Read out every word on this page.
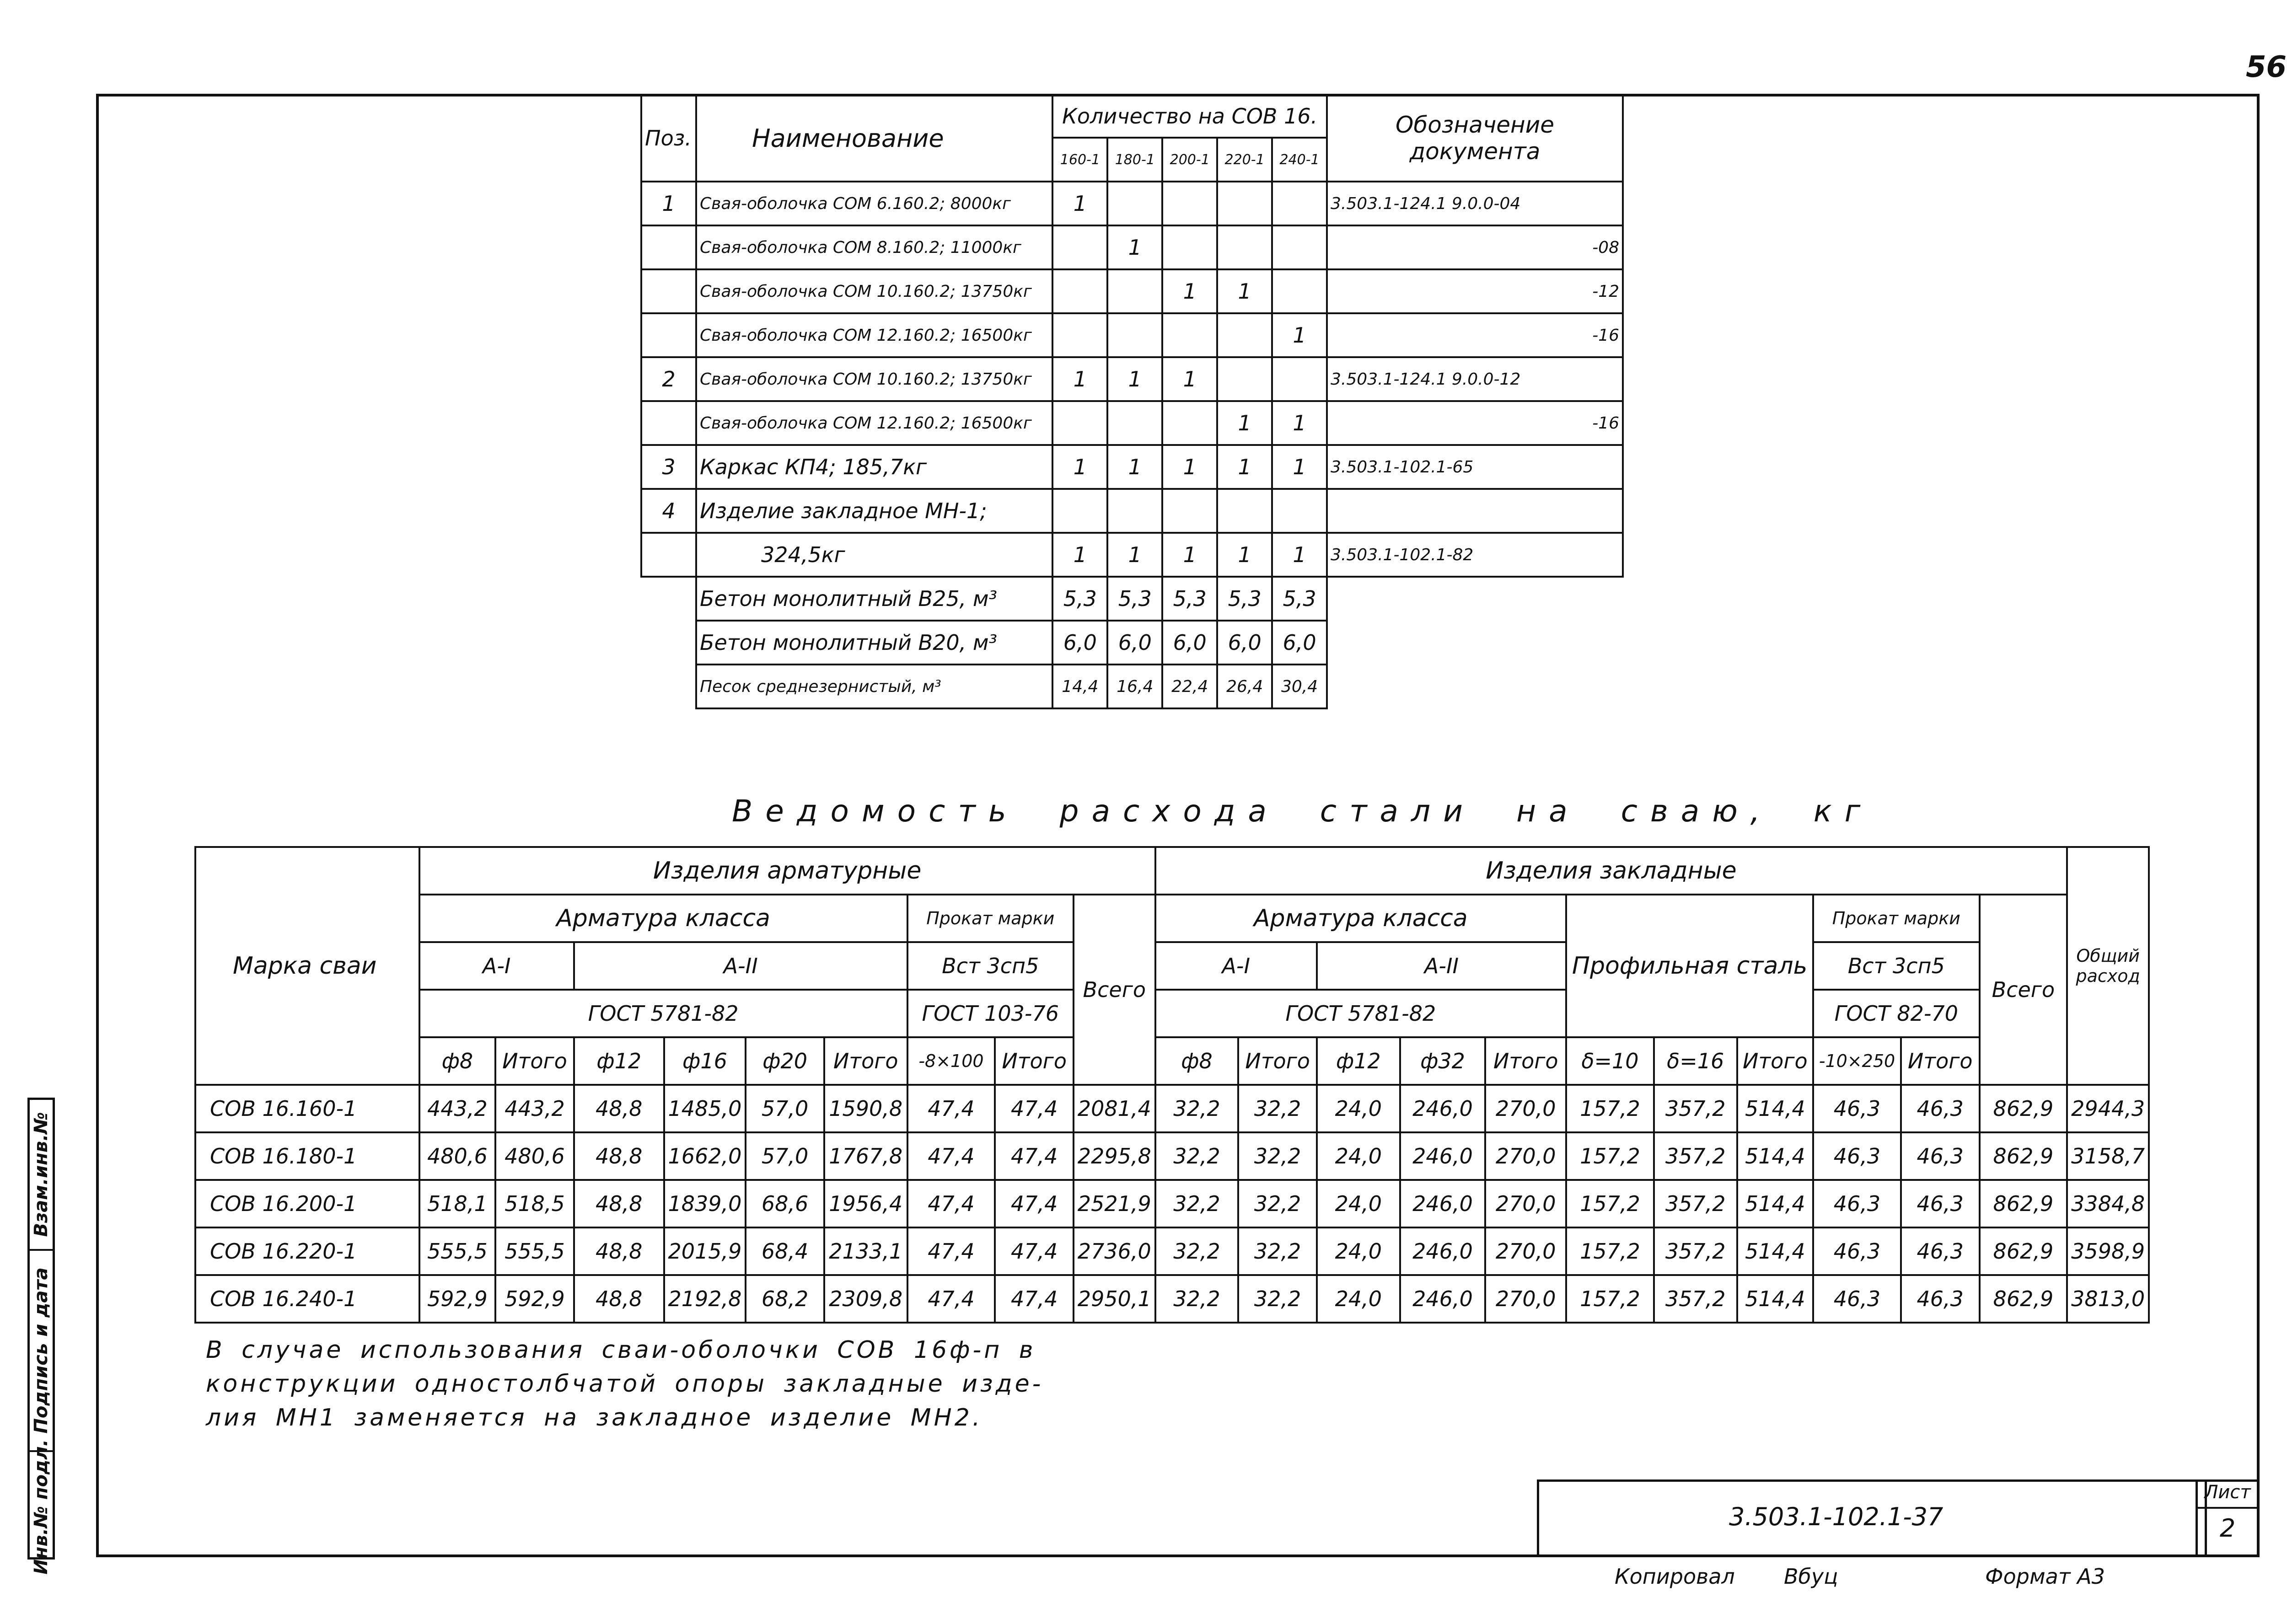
56
Поз.	Наименование	Количество на СОВ 16.					Обозначение документа
		160-1	180-1	200-1	220-1	240-1	
1	Свая-оболочка СОМ 6.160.2; 8000кг	1					3.503.1-124.1 9.0.0-04
	Свая-оболочка СОМ 8.160.2; 11000кг		1				-08
	Свая-оболочка СОМ 10.160.2; 13750кг			1	1		-12
	Свая-оболочка СОМ 12.160.2; 16500кг					1	-16
2	Свая-оболочка СОМ 10.160.2; 13750кг	1	1	1			3.503.1-124.1 9.0.0-12
	Свая-оболочка СОМ 12.160.2; 16500кг				1	1	-16
3	Каркас КП4; 185,7кг	1	1	1	1	1	3.503.1-102.1-65
4	Изделие закладное МН-1;						
	324,5кг	1	1	1	1	1	3.503.1-102.1-82
	Бетон монолитный В25, м³	5,3	5,3	5,3	5,3	5,3	
	Бетон монолитный В20, м³	6,0	6,0	6,0	6,0	6,0	
	Песок среднезернистый, м³	14,4	16,4	22,4	26,4	30,4	
Ведомость расхода стали на сваю, кг
Марка сваи	Изделия арматурные									Изделия закладные											Общий расход
	Арматура класса						Прокат марки		Всего	Арматура класса					Профильная сталь			Прокат марки		Всего	
	А-I		А-II				Вст 3сп5			А-I		А-II						Вст 3сп5			
	ГОСТ 5781-82						ГОСТ 103-76			ГОСТ 5781-82								ГОСТ 82-70			
	ф8	Итого	ф12	ф16	ф20	Итого	-8×100	Итого		ф8	Итого	ф12	ф32	Итого	δ=10	δ=16	Итого	-10×250	Итого		
СОВ 16.160-1	443,2	443,2	48,8	1485,0	57,0	1590,8	47,4	47,4	2081,4	32,2	32,2	24,0	246,0	270,0	157,2	357,2	514,4	46,3	46,3	862,9	2944,3
СОВ 16.180-1	480,6	480,6	48,8	1662,0	57,0	1767,8	47,4	47,4	2295,8	32,2	32,2	24,0	246,0	270,0	157,2	357,2	514,4	46,3	46,3	862,9	3158,7
СОВ 16.200-1	518,1	518,5	48,8	1839,0	68,6	1956,4	47,4	47,4	2521,9	32,2	32,2	24,0	246,0	270,0	157,2	357,2	514,4	46,3	46,3	862,9	3384,8
СОВ 16.220-1	555,5	555,5	48,8	2015,9	68,4	2133,1	47,4	47,4	2736,0	32,2	32,2	24,0	246,0	270,0	157,2	357,2	514,4	46,3	46,3	862,9	3598,9
СОВ 16.240-1	592,9	592,9	48,8	2192,8	68,2	2309,8	47,4	47,4	2950,1	32,2	32,2	24,0	246,0	270,0	157,2	357,2	514,4	46,3	46,3	862,9	3813,0
В случае использования сваи-оболочки СОВ 16ф-п в
конструкции одностолбчатой опоры закладные изде-
лия МН1 заменяется на закладное изделие МН2.
Взам.инв.№
Подпись и дата
Инв.№ подл.	3.503.1-102.1-37
Лист
2
Копировал Вбуц	Формат А3
